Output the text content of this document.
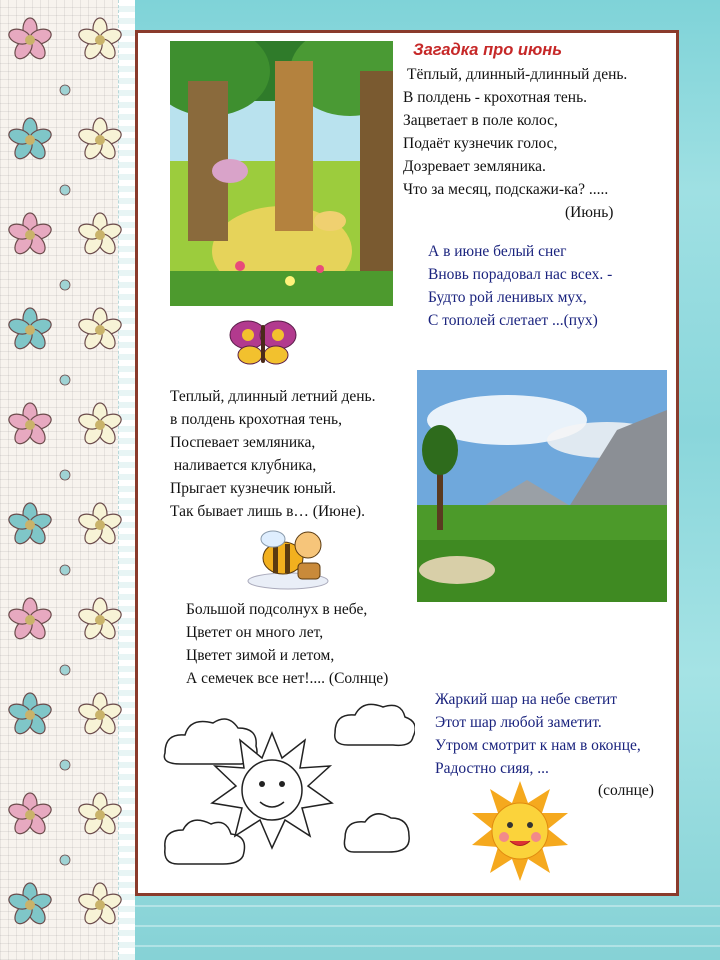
Загадка про июнь
Тёплый, длинный-длинный день.
В полдень - крохотная тень.
Зацветает в поле колос,
Подаёт кузнечик голос,
Дозревает земляника.
Что за месяц, подскажи-ка? .....
(Июнь)
А в июне белый снег
Вновь порадовал нас всех. -
Будто рой ленивых мух,
С тополей слетает ...(пух)
Теплый, длинный летний день.
в полдень крохотная тень,
Поспевает земляника,
наливается клубника,
Прыгает кузнечик юный.
Так бывает лишь в… (Июне).
Большой подсолнух в небе,
Цветет он много лет,
Цветет зимой и летом,
А семечек все нет!.... (Солнце)
Жаркий шар на небе светит
Этот шар любой заметит.
Утром смотрит к нам в оконце,
Радостно сияя, ...
(солнце)
